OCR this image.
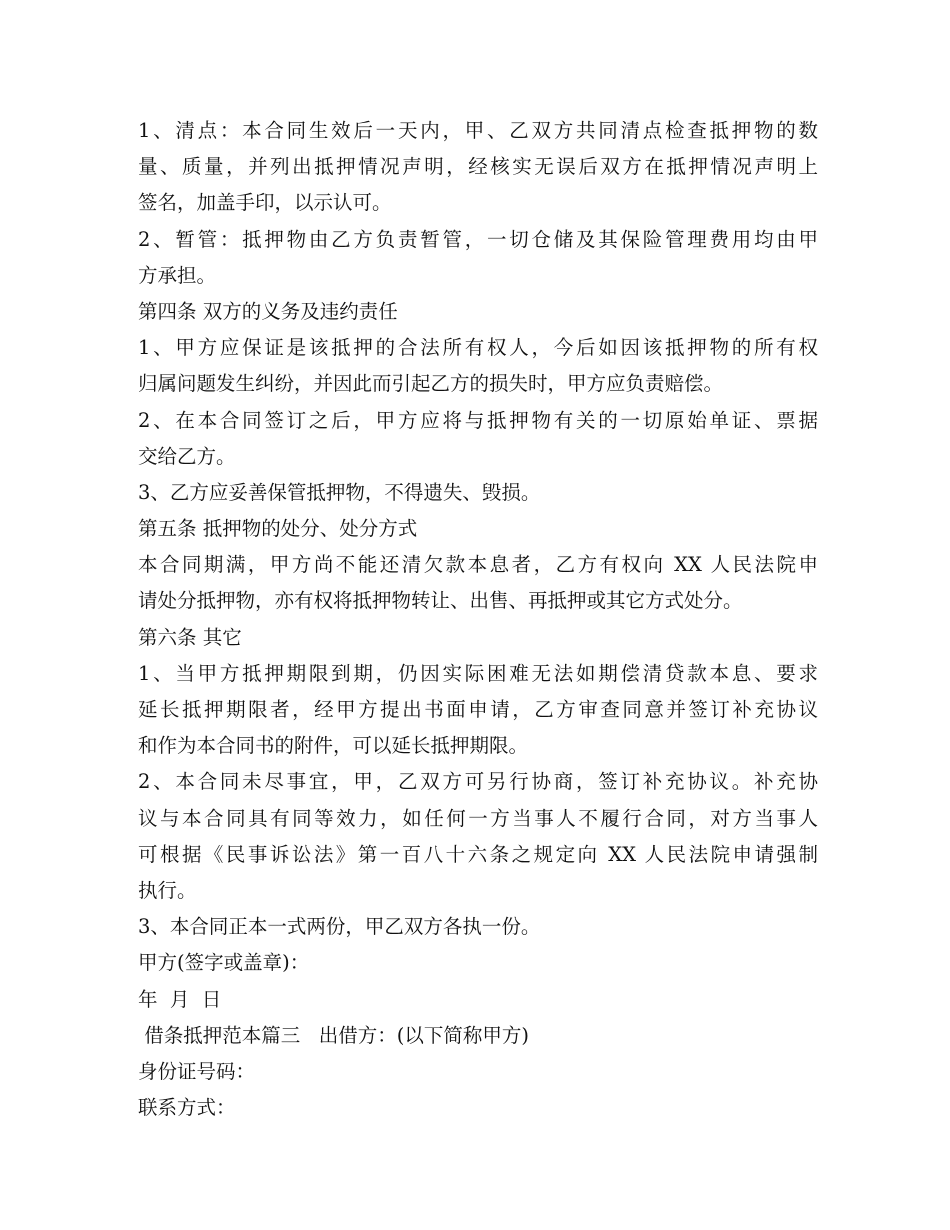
1、清点：本合同生效后一天内，甲、乙双方共同清点检查抵押物的数
量、质量，并列出抵押情况声明，经核实无误后双方在抵押情况声明上
签名，加盖手印，以示认可。
2、暂管：抵押物由乙方负责暂管，一切仓储及其保险管理费用均由甲
方承担。
第四条 双方的义务及违约责任
1、甲方应保证是该抵押的合法所有权人，今后如因该抵押物的所有权
归属问题发生纠纷，并因此而引起乙方的损失时，甲方应负责赔偿。
2、在本合同签订之后，甲方应将与抵押物有关的一切原始单证、票据
交给乙方。
3、乙方应妥善保管抵押物，不得遗失、毁损。
第五条 抵押物的处分、处分方式
本合同期满，甲方尚不能还清欠款本息者，乙方有权向 XX 人民法院申
请处分抵押物，亦有权将抵押物转让、出售、再抵押或其它方式处分。
第六条 其它
1、当甲方抵押期限到期，仍因实际困难无法如期偿清贷款本息、要求
延长抵押期限者，经甲方提出书面申请，乙方审查同意并签订补充协议
和作为本合同书的附件，可以延长抵押期限。
2、本合同未尽事宜，甲，乙双方可另行协商，签订补充协议。补充协
议与本合同具有同等效力，如任何一方当事人不履行合同，对方当事人
可根据《民事诉讼法》第一百八十六条之规定向 XX 人民法院申请强制
执行。
3、本合同正本一式两份，甲乙双方各执一份。
甲方(签字或盖章)：
年  月  日
借条抵押范本篇三   出借方：(以下简称甲方)
身份证号码：
联系方式：
